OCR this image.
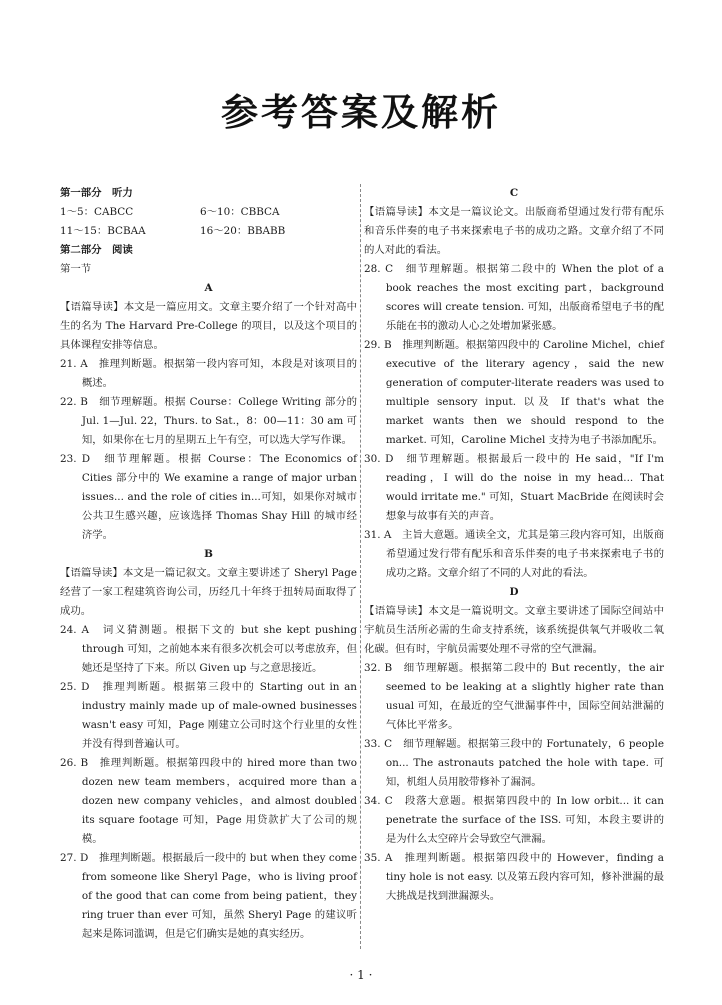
参考答案及解析

第一部分　听力

1～5：CABCC	6～10：CBBCA
11～15：BCBAA	16～20：BBABB

第二部分　阅读

第一节

A

【语篇导读】本文是一篇应用文。文章主要介绍了一个针对高中生的名为 The Harvard Pre-College 的项目，以及这个项目的具体课程安排等信息。

21. A　推理判断题。根据第一段内容可知，本段是对该项目的概述。

22. B　细节理解题。根据 Course：College Writing 部分的 Jul. 1—Jul. 22，Thurs. to Sat.，8：00—11：30 am 可知，如果你在七月的星期五上午有空，可以选大学写作课。

23. D　细节理解题。根据 Course：The Economics of Cities 部分中的 We examine a range of major urban issues... and the role of cities in...可知，如果你对城市公共卫生感兴趣，应该选择 Thomas Shay Hill 的城市经济学。

B

【语篇导读】本文是一篇记叙文。文章主要讲述了 Sheryl Page 经营了一家工程建筑咨询公司，历经几十年终于扭转局面取得了成功。

24. A　词义猜测题。根据下文的 but she kept pushing through 可知，之前她本来有很多次机会可以考虑放弃，但她还是坚持了下来。所以 Given up 与之意思接近。

25. D　推理判断题。根据第三段中的 Starting out in an industry mainly made up of male-owned businesses wasn't easy 可知，Page 刚建立公司时这个行业里的女性并没有得到普遍认可。

26. B　推理判断题。根据第四段中的 hired more than two dozen new team members，acquired more than a dozen new company vehicles，and almost doubled its square footage 可知，Page 用贷款扩大了公司的规模。

27. D　推理判断题。根据最后一段中的 but when they come from someone like Sheryl Page，who is living proof of the good that can come from being patient，they ring truer than ever 可知，虽然 Sheryl Page 的建议听起来是陈词滥调，但是它们确实是她的真实经历。

C

【语篇导读】本文是一篇议论文。出版商希望通过发行带有配乐和音乐伴奏的电子书来探索电子书的成功之路。文章介绍了不同的人对此的看法。

28. C　细节理解题。根据第二段中的 When the plot of a book reaches the most exciting part，background scores will create tension. 可知，出版商希望电子书的配乐能在书的激动人心之处增加紧张感。

29. B　推理判断题。根据第四段中的 Caroline Michel，chief executive of the literary agency，said the new generation of computer-literate readers was used to multiple sensory input. 以及 If that's what the market wants then we should respond to the market. 可知，Caroline Michel 支持为电子书添加配乐。

30. D　细节理解题。根据最后一段中的 He said，"If I'm reading，I will do the noise in my head... That would irritate me." 可知，Stuart MacBride 在阅读时会想象与故事有关的声音。

31. A　主旨大意题。通读全文，尤其是第三段内容可知，出版商希望通过发行带有配乐和音乐伴奏的电子书来探索电子书的成功之路。文章介绍了不同的人对此的看法。

D

【语篇导读】本文是一篇说明文。文章主要讲述了国际空间站中宇航员生活所必需的生命支持系统，该系统提供氧气并吸收二氧化碳。但有时，宇航员需要处理不寻常的空气泄漏。

32. B　细节理解题。根据第二段中的 But recently，the air seemed to be leaking at a slightly higher rate than usual 可知，在最近的空气泄漏事件中，国际空间站泄漏的气体比平常多。

33. C　细节理解题。根据第三段中的 Fortunately，6 people on... The astronauts patched the hole with tape. 可知，机组人员用胶带修补了漏洞。

34. C　段落大意题。根据第四段中的 In low orbit... it can penetrate the surface of the ISS. 可知，本段主要讲的是为什么太空碎片会导致空气泄漏。

35. A　推理判断题。根据第四段中的 However，finding a tiny hole is not easy. 以及第五段内容可知，修补泄漏的最大挑战是找到泄漏源头。

· 1 ·
